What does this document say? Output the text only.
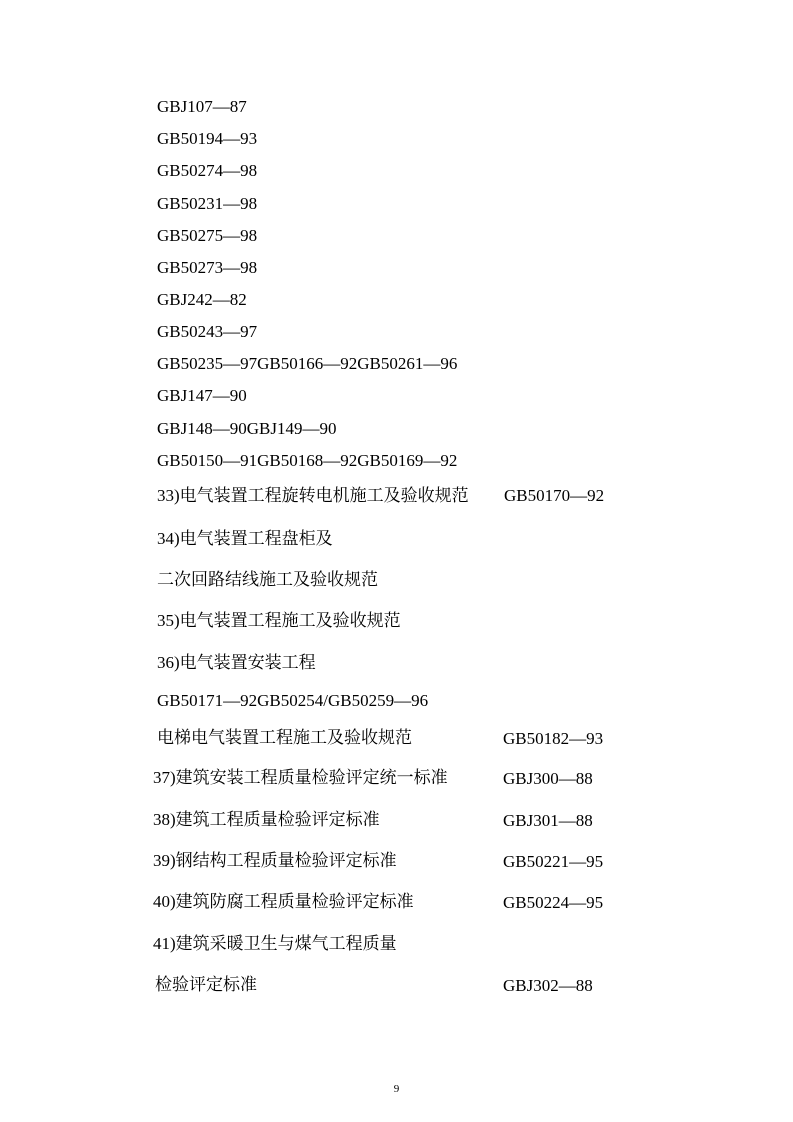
GBJ107—87
GB50194—93
GB50274—98
GB50231—98
GB50275—98
GB50273—98
GBJ242—82
GB50243—97
GB50235—97GB50166—92GB50261—96
GBJ147—90
GBJ148—90GBJ149—90
GB50150—91GB50168—92GB50169—92
33)电气装置工程旋转电机施工及验收规范 GB50170—92
34)电气装置工程盘柜及
二次回路结线施工及验收规范
35)电气装置工程施工及验收规范
36)电气装置安装工程
GB50171—92GB50254/GB50259—96
电梯电气装置工程施工及验收规范	GB50182—93
37)建筑安装工程质量检验评定统一标准	GBJ300—88
38)建筑工程质量检验评定标准	GBJ301—88
39)钢结构工程质量检验评定标准	GB50221—95
40)建筑防腐工程质量检验评定标准	GB50224—95
41)建筑采暖卫生与煤气工程质量
检验评定标准	GBJ302—88
9
